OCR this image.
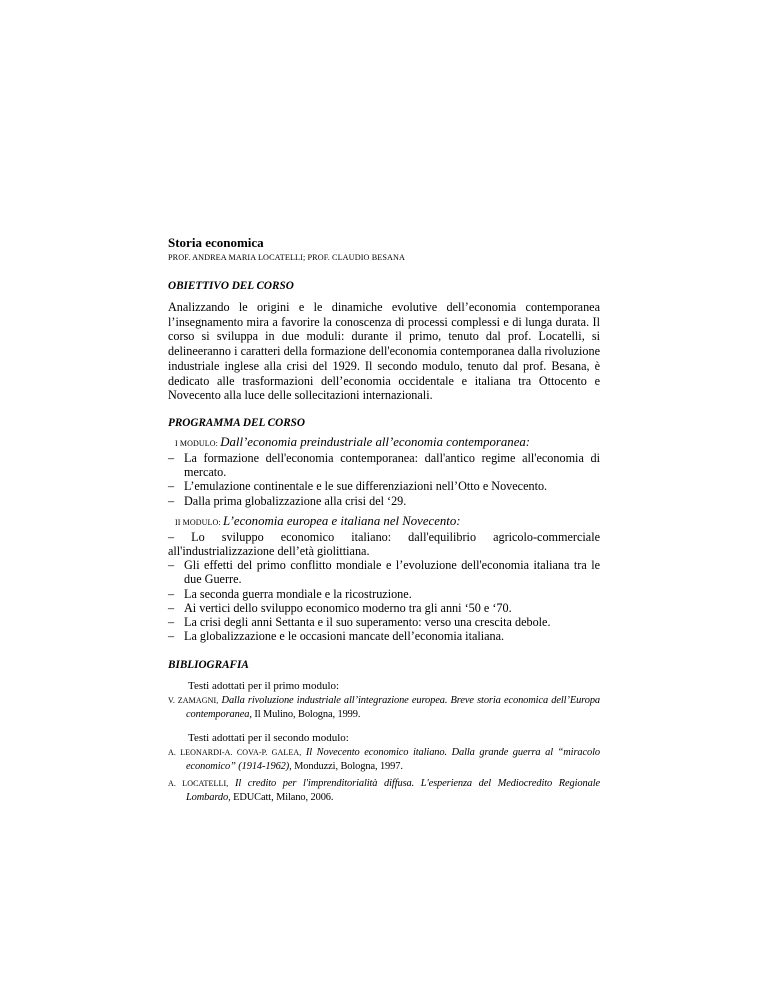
Storia economica

PROF. ANDREA MARIA LOCATELLI; PROF. CLAUDIO BESANA

OBIETTIVO DEL CORSO

Analizzando le origini e le dinamiche evolutive dell’economia contemporanea l’insegnamento mira a favorire la conoscenza di processi complessi e di lunga durata. Il corso si sviluppa in due moduli: durante il primo, tenuto dal prof. Locatelli, si delineeranno i caratteri della formazione dell'economia contemporanea dalla rivoluzione industriale inglese alla crisi del 1929. Il secondo modulo, tenuto dal prof. Besana, è dedicato alle trasformazioni dell’economia occidentale e italiana tra Ottocento e Novecento alla luce delle sollecitazioni internazionali.

PROGRAMMA DEL CORSO

I MODULO: Dall’economia preindustriale all’economia contemporanea:

– La formazione dell'economia contemporanea: dall'antico regime all'economia di mercato.
– L’emulazione continentale e le sue differenziazioni nell’Otto e Novecento.
– Dalla prima globalizzazione alla crisi del ‘29.

II MODULO: L’economia europea e italiana nel Novecento:

– Lo sviluppo economico italiano: dall'equilibrio agricolo-commerciale all'industrializzazione dell’età giolittiana.
– Gli effetti del primo conflitto mondiale e l’evoluzione dell'economia italiana tra le due Guerre.
– La seconda guerra mondiale e la ricostruzione.
– Ai vertici dello sviluppo economico moderno tra gli anni ‘50 e ‘70.
– La crisi degli anni Settanta e il suo superamento: verso una crescita debole.
– La globalizzazione e le occasioni mancate dell’economia italiana.

BIBLIOGRAFIA

Testi adottati per il primo modulo:

V. ZAMAGNI, Dalla rivoluzione industriale all’integrazione europea. Breve storia economica dell’Europa contemporanea, Il Mulino, Bologna, 1999.

Testi adottati per il secondo modulo:

A. LEONARDI-A. COVA-P. GALEA, Il Novecento economico italiano. Dalla grande guerra al “miracolo economico” (1914-1962), Monduzzi, Bologna, 1997.

A. LOCATELLI, Il credito per l'imprenditorialità diffusa. L'esperienza del Mediocredito Regionale Lombardo, EDUCatt, Milano, 2006.
